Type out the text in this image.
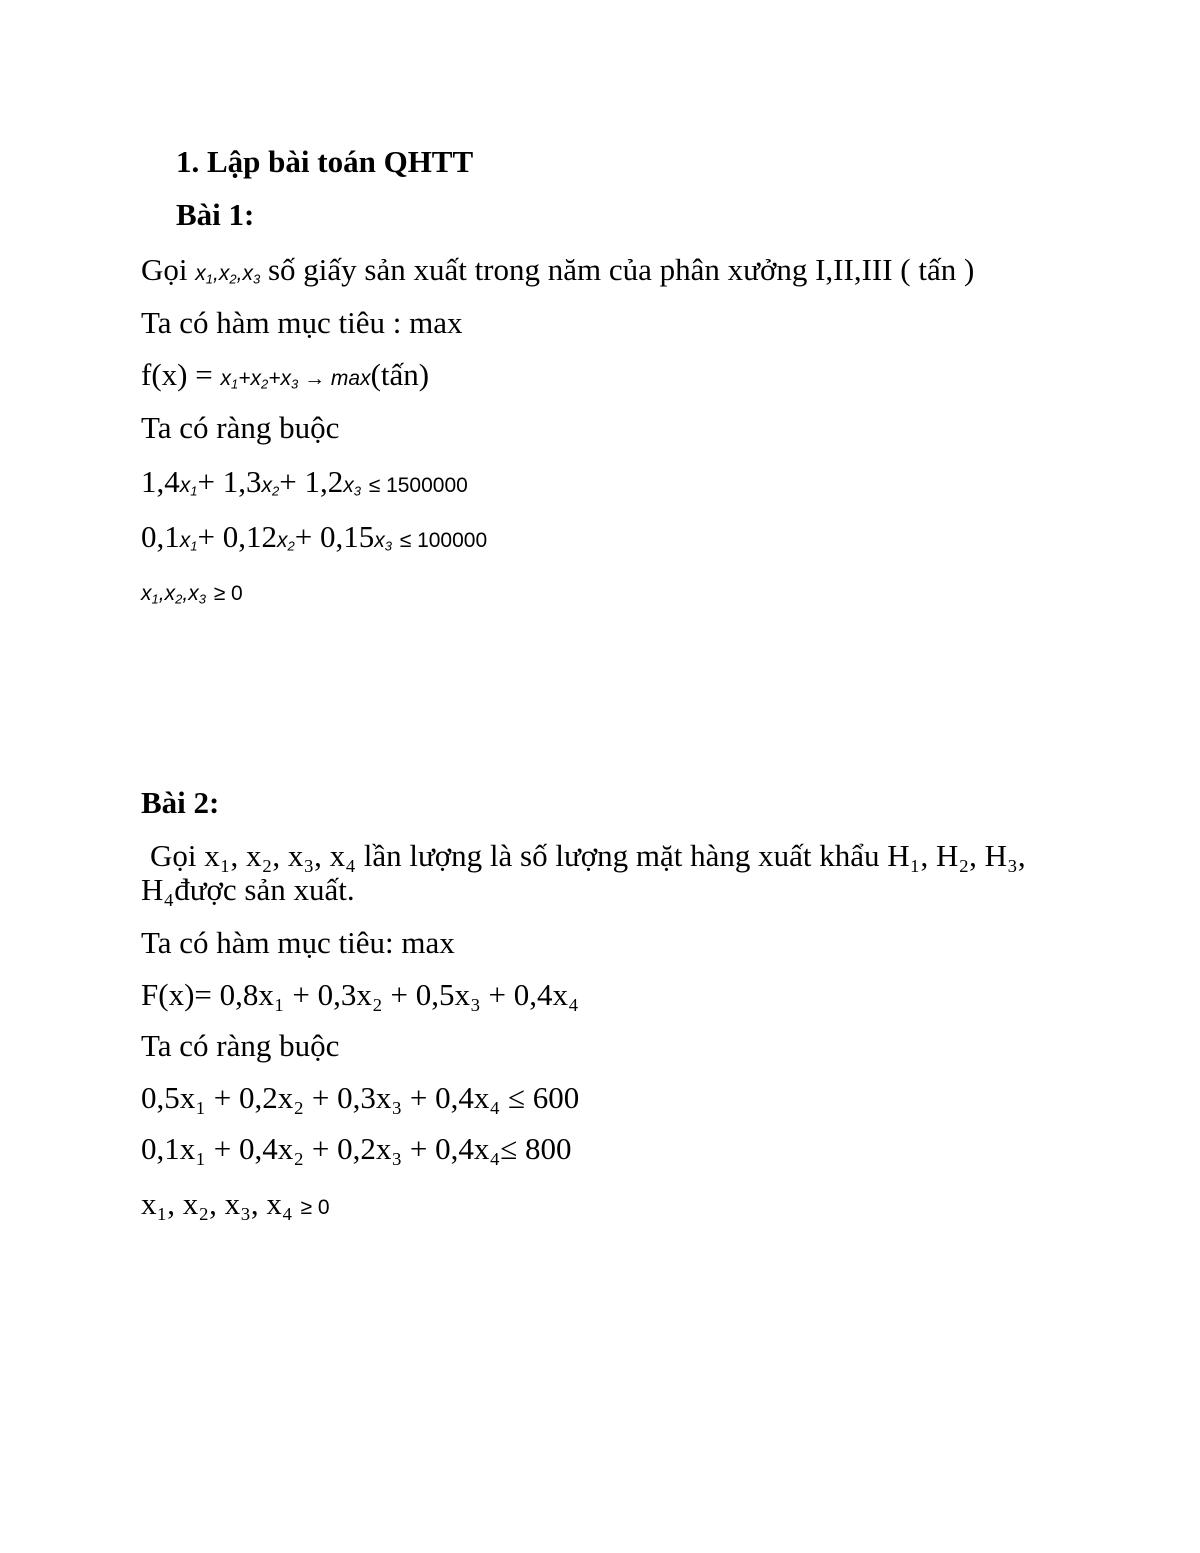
1. Lập bài toán QHTT
Bài 1:
Gọi $x_1,x_2,x_3$ số giấy sản xuất trong năm của phân xưởng I,II,III ( tấn )
Ta có hàm mục tiêu : max
$f(x) = x_1+x_2+x_3$ → max(tấn)
Ta có ràng buộc
$1,4x_1+ 1,3x_2+ 1,2x_3 \le 1500000$
$0,1x_1+ 0,12x_2+ 0,15x_3 \le 100000$
$x_1,x_2,x_3 \ge 0$
Bài 2:
Gọi x₁, x₂, x₃, x₄ lần lượng là số lượng mặt hàng xuất khẩu H₁, H₂, H₃,
H₄được sản xuất.
Ta có hàm mục tiêu: max
F(x)= 0,8x₁ + 0,3x₂ + 0,5x₃ + 0,4x₄
Ta có ràng buộc
0,5x₁ + 0,2x₂ + 0,3x₃ + 0,4x₄ ≤ 600
0,1x₁ + 0,4x₂ + 0,2x₃ + 0,4x₄≤ 800
x₁, x₂, x₃, x₄ ≥ 0
